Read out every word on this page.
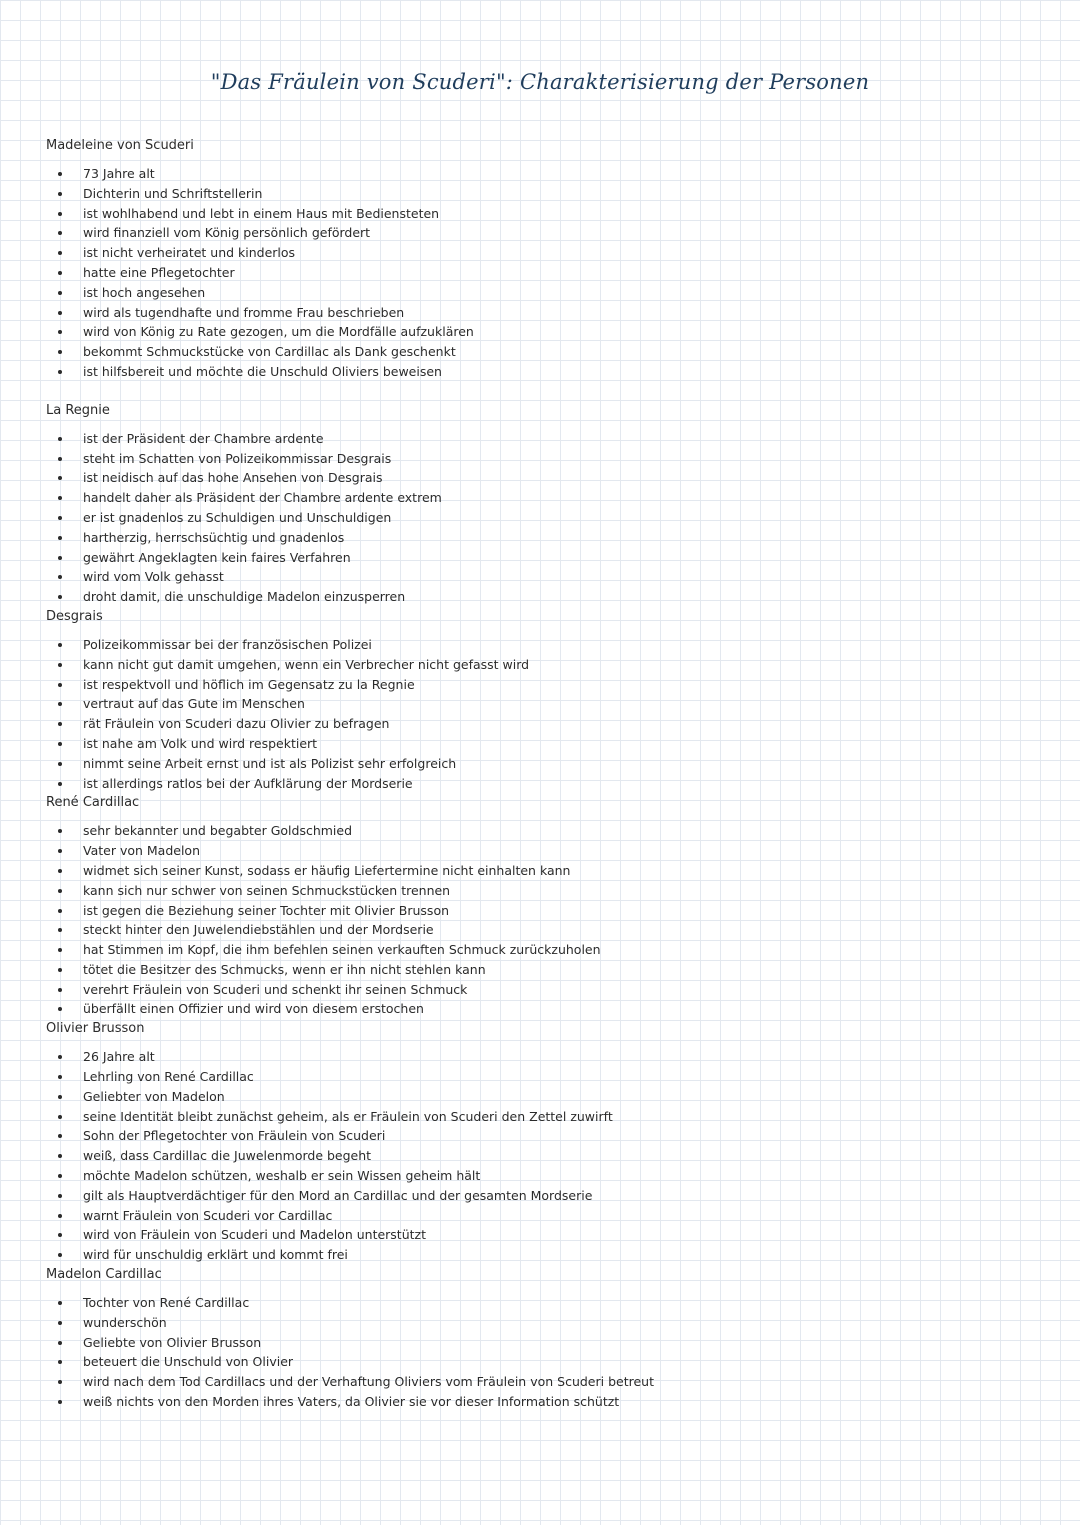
"Das Fräulein von Scuderi": Charakterisierung der Personen
Madeleine von Scuderi
73 Jahre alt
Dichterin und Schriftstellerin
ist wohlhabend und lebt in einem Haus mit Bediensteten
wird finanziell vom König persönlich gefördert
ist nicht verheiratet und kinderlos
hatte eine Pflegetochter
ist hoch angesehen
wird als tugendhafte und fromme Frau beschrieben
wird von König zu Rate gezogen, um die Mordfälle aufzuklären
bekommt Schmuckstücke von Cardillac als Dank geschenkt
ist hilfsbereit und möchte die Unschuld Oliviers beweisen
La Regnie
ist der Präsident der Chambre ardente
steht im Schatten von Polizeikommissar Desgrais
ist neidisch auf das hohe Ansehen von Desgrais
handelt daher als Präsident der Chambre ardente extrem
er ist gnadenlos zu Schuldigen und Unschuldigen
hartherzig, herrschsüchtig und gnadenlos
gewährt Angeklagten kein faires Verfahren
wird vom Volk gehasst
droht damit, die unschuldige Madelon einzusperren
Desgrais
Polizeikommissar bei der französischen Polizei
kann nicht gut damit umgehen, wenn ein Verbrecher nicht gefasst wird
ist respektvoll und höflich im Gegensatz zu la Regnie
vertraut auf das Gute im Menschen
rät Fräulein von Scuderi dazu Olivier zu befragen
ist nahe am Volk und wird respektiert
nimmt seine Arbeit ernst und ist als Polizist sehr erfolgreich
ist allerdings ratlos bei der Aufklärung der Mordserie
René Cardillac
sehr bekannter und begabter Goldschmied
Vater von Madelon
widmet sich seiner Kunst, sodass er häufig Liefertermine nicht einhalten kann
kann sich nur schwer von seinen Schmuckstücken trennen
ist gegen die Beziehung seiner Tochter mit Olivier Brusson
steckt hinter den Juwelendiebstählen und der Mordserie
hat Stimmen im Kopf, die ihm befehlen seinen verkauften Schmuck zurückzuholen
tötet die Besitzer des Schmucks, wenn er ihn nicht stehlen kann
verehrt Fräulein von Scuderi und schenkt ihr seinen Schmuck
überfällt einen Offizier und wird von diesem erstochen
Olivier Brusson
26 Jahre alt
Lehrling von René Cardillac
Geliebter von Madelon
seine Identität bleibt zunächst geheim, als er Fräulein von Scuderi den Zettel zuwirft
Sohn der Pflegetochter von Fräulein von Scuderi
weiß, dass Cardillac die Juwelenmorde begeht
möchte Madelon schützen, weshalb er sein Wissen geheim hält
gilt als Hauptverdächtiger für den Mord an Cardillac und der gesamten Mordserie
warnt Fräulein von Scuderi vor Cardillac
wird von Fräulein von Scuderi und Madelon unterstützt
wird für unschuldig erklärt und kommt frei
Madelon Cardillac
Tochter von René Cardillac
wunderschön
Geliebte von Olivier Brusson
beteuert die Unschuld von Olivier
wird nach dem Tod Cardillacs und der Verhaftung Oliviers vom Fräulein von Scuderi betreut
weiß nichts von den Morden ihres Vaters, da Olivier sie vor dieser Information schützt
